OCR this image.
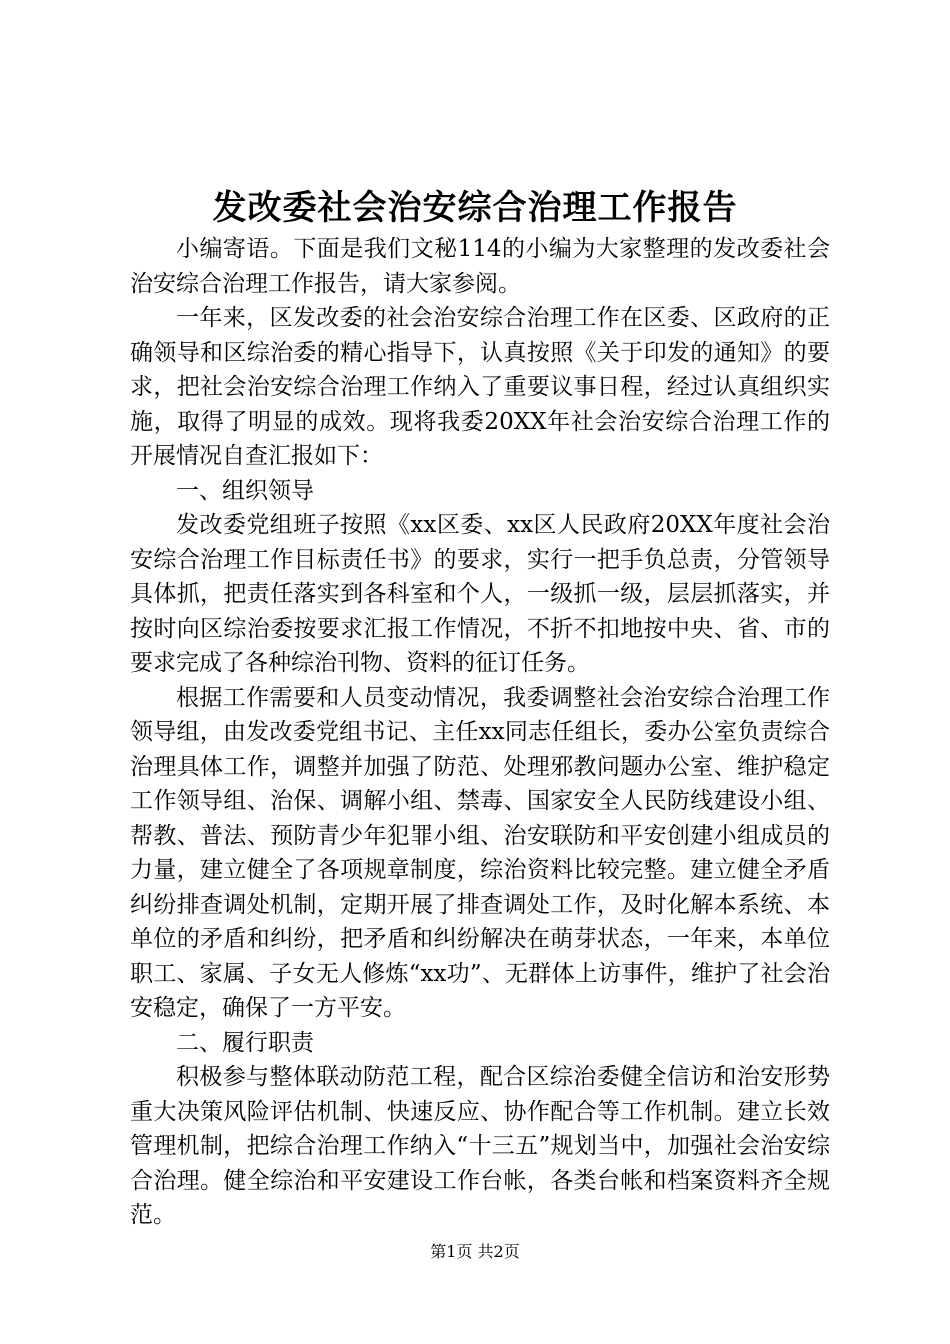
发改委社会治安综合治理工作报告

小编寄语。下面是我们文秘114的小编为大家整理的发改委社会治安综合治理工作报告，请大家参阅。

一年来，区发改委的社会治安综合治理工作在区委、区政府的正确领导和区综治委的精心指导下，认真按照《关于印发的通知》的要求，把社会治安综合治理工作纳入了重要议事日程，经过认真组织实施，取得了明显的成效。现将我委20XX年社会治安综合治理工作的开展情况自查汇报如下：

一、组织领导

发改委党组班子按照《xx区委、xx区人民政府20XX年度社会治安综合治理工作目标责任书》的要求，实行一把手负总责，分管领导具体抓，把责任落实到各科室和个人，一级抓一级，层层抓落实，并按时向区综治委按要求汇报工作情况，不折不扣地按中央、省、市的要求完成了各种综治刊物、资料的征订任务。

根据工作需要和人员变动情况，我委调整社会治安综合治理工作领导组，由发改委党组书记、主任xx同志任组长，委办公室负责综合治理具体工作，调整并加强了防范、处理邪教问题办公室、维护稳定工作领导组、治保、调解小组、禁毒、国家安全人民防线建设小组、帮教、普法、预防青少年犯罪小组、治安联防和平安创建小组成员的力量，建立健全了各项规章制度，综治资料比较完整。建立健全矛盾纠纷排查调处机制，定期开展了排查调处工作，及时化解本系统、本单位的矛盾和纠纷，把矛盾和纠纷解决在萌芽状态，一年来，本单位职工、家属、子女无人修炼“xx功”、无群体上访事件，维护了社会治安稳定，确保了一方平安。

二、履行职责

积极参与整体联动防范工程，配合区综治委健全信访和治安形势重大决策风险评估机制、快速反应、协作配合等工作机制。建立长效管理机制，把综合治理工作纳入“十三五”规划当中，加强社会治安综合治理。健全综治和平安建设工作台帐，各类台帐和档案资料齐全规范。

第1页 共2页
